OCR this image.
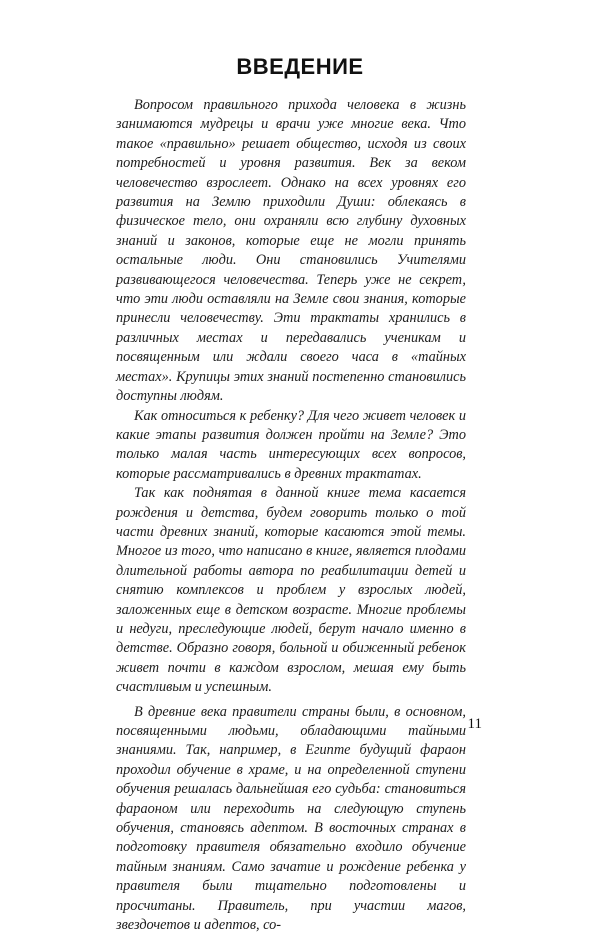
ВВЕДЕНИЕ

Вопросом правильного прихода человека в жизнь занимаются мудрецы и врачи уже многие века. Что такое «правильно» решает общество, исходя из своих потребностей и уровня развития. Век за веком человечество взрослеет. Однако на всех уровнях его развития на Землю приходили Души: облекаясь в физическое тело, они охраняли всю глубину духовных знаний и законов, которые еще не могли принять остальные люди. Они становились Учителями развивающегося человечества. Теперь уже не секрет, что эти люди оставляли на Земле свои знания, которые принесли человечеству. Эти трактаты хранились в различных местах и передавались ученикам и посвященным или ждали своего часа в «тайных местах». Крупицы этих знаний постепенно становились доступны людям.

Как относиться к ребенку? Для чего живет человек и какие этапы развития должен пройти на Земле? Это только малая часть интересующих всех вопросов, которые рассматривались в древних трактатах.

Так как поднятая в данной книге тема касается рождения и детства, будем говорить только о той части древних знаний, которые касаются этой темы. Многое из того, что написано в книге, является плодами длительной работы автора по реабилитации детей и снятию комплексов и проблем у взрослых людей, заложенных еще в детском возрасте. Многие проблемы и недуги, преследующие людей, берут начало именно в детстве. Образно говоря, больной и обиженный ребенок живет почти в каждом взрослом, мешая ему быть счастливым и успешным.

В древние века правители страны были, в основном, посвященными людьми, обладающими тайными знаниями. Так, например, в Египте будущий фараон проходил обучение в храме, и на определенной ступени обучения решалась дальнейшая его судьба: становиться фараоном или переходить на следующую ступень обучения, становясь адептом. В восточных странах в подготовку правителя обязательно входило обучение тайным знаниям. Само зачатие и рождение ребенка у правителя были тщательно подготовлены и просчитаны. Правитель, при участии магов, звездочетов и адептов, со-

11
